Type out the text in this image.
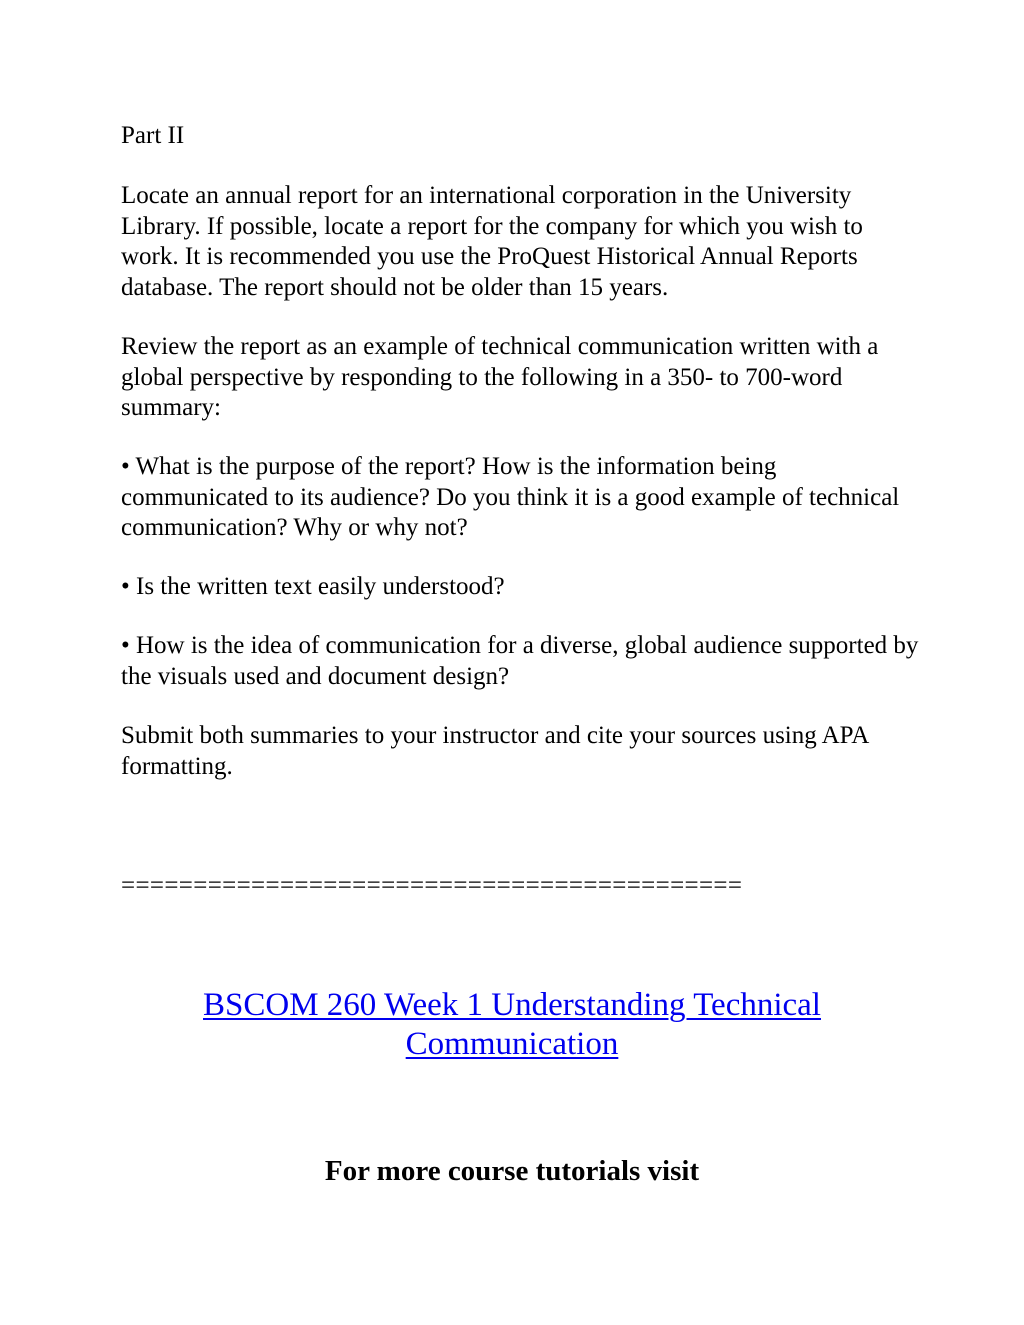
Part II

Locate an annual report for an international corporation in the University Library. If possible, locate a report for the company for which you wish to work. It is recommended you use the ProQuest Historical Annual Reports database. The report should not be older than 15 years.

Review the report as an example of technical communication written with a global perspective by responding to the following in a 350- to 700-word summary:

• What is the purpose of the report? How is the information being communicated to its audience? Do you think it is a good example of technical communication? Why or why not?

• Is the written text easily understood?

• How is the idea of communication for a diverse, global audience supported by the visuals used and document design?

Submit both summaries to your instructor and cite your sources using APA formatting.

===========================================

BSCOM 260 Week 1 Understanding Technical Communication

For more course tutorials visit
